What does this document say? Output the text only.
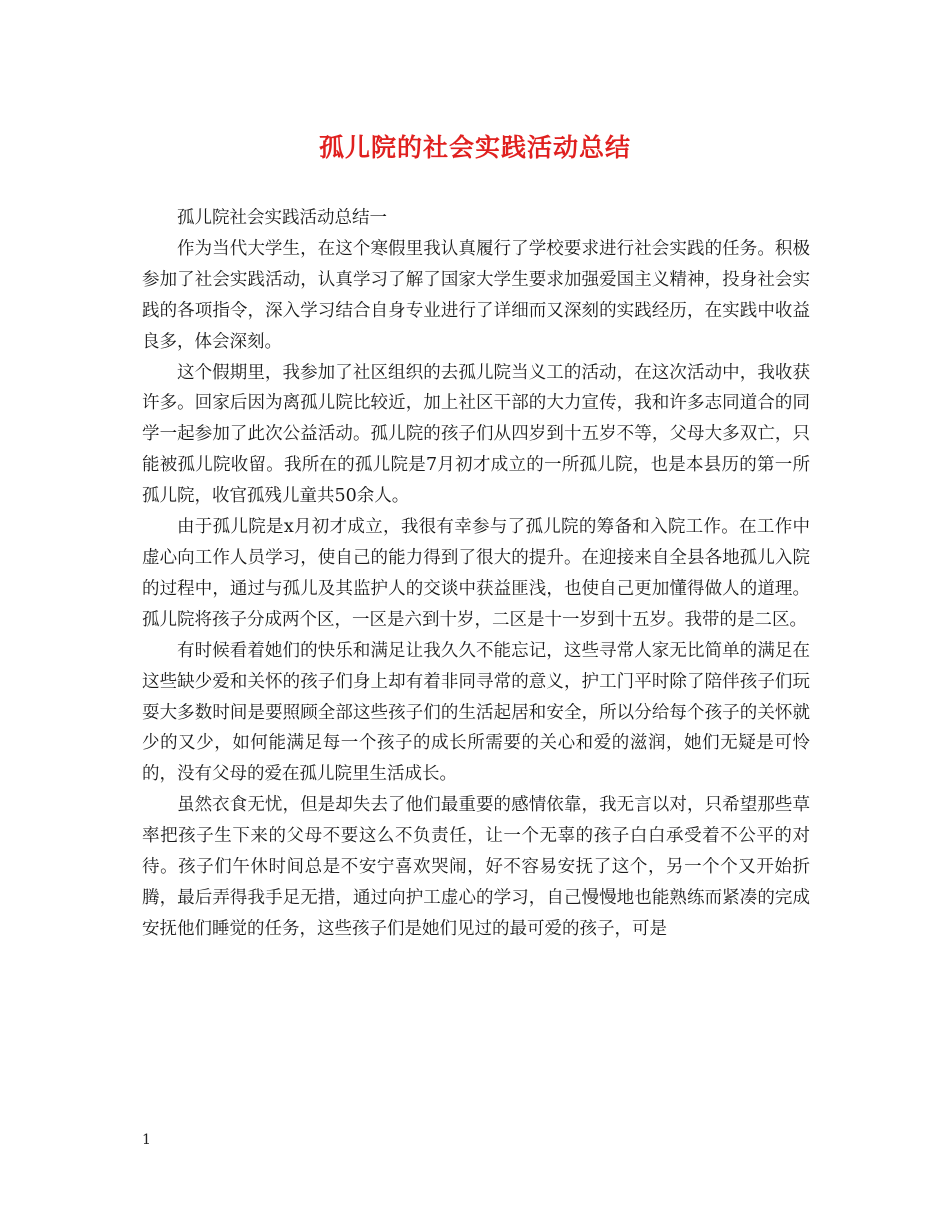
孤儿院的社会实践活动总结

孤儿院社会实践活动总结一

作为当代大学生，在这个寒假里我认真履行了学校要求进行社会实践的任务。积极参加了社会实践活动，认真学习了解了国家大学生要求加强爱国主义精神，投身社会实践的各项指令，深入学习结合自身专业进行了详细而又深刻的实践经历，在实践中收益良多，体会深刻。

这个假期里，我参加了社区组织的去孤儿院当义工的活动，在这次活动中，我收获许多。回家后因为离孤儿院比较近，加上社区干部的大力宣传，我和许多志同道合的同学一起参加了此次公益活动。孤儿院的孩子们从四岁到十五岁不等，父母大多双亡，只能被孤儿院收留。我所在的孤儿院是7月初才成立的一所孤儿院，也是本县历的第一所孤儿院，收官孤残儿童共50余人。

由于孤儿院是x月初才成立，我很有幸参与了孤儿院的筹备和入院工作。在工作中虚心向工作人员学习，使自己的能力得到了很大的提升。在迎接来自全县各地孤儿入院的过程中，通过与孤儿及其监护人的交谈中获益匪浅，也使自己更加懂得做人的道理。孤儿院将孩子分成两个区，一区是六到十岁，二区是十一岁到十五岁。我带的是二区。

有时候看着她们的快乐和满足让我久久不能忘记，这些寻常人家无比简单的满足在这些缺少爱和关怀的孩子们身上却有着非同寻常的意义，护工门平时除了陪伴孩子们玩耍大多数时间是要照顾全部这些孩子们的生活起居和安全，所以分给每个孩子的关怀就少的又少，如何能满足每一个孩子的成长所需要的关心和爱的滋润，她们无疑是可怜的，没有父母的爱在孤儿院里生活成长。

虽然衣食无忧，但是却失去了他们最重要的感情依靠，我无言以对，只希望那些草率把孩子生下来的父母不要这么不负责任，让一个无辜的孩子白白承受着不公平的对待。孩子们午休时间总是不安宁喜欢哭闹，好不容易安抚了这个，另一个个又开始折腾，最后弄得我手足无措，通过向护工虚心的学习，自己慢慢地也能熟练而紧凑的完成安抚他们睡觉的任务，这些孩子们是她们见过的最可爱的孩子，可是

1
